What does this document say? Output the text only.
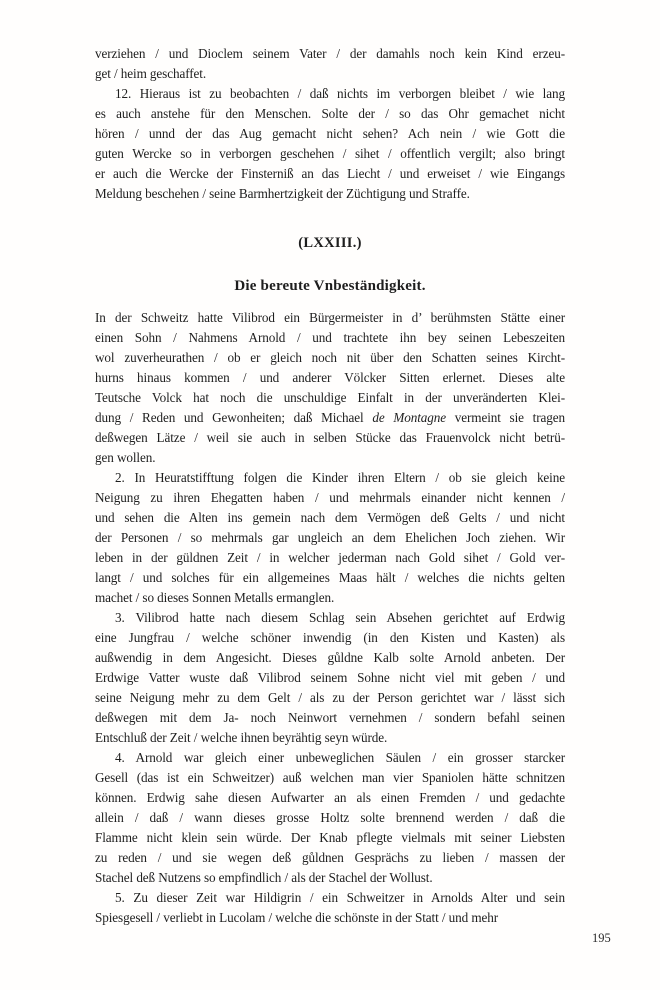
verziehen / und Dioclem seinem Vater / der damahls noch kein Kind erzeu-
get / heim geschaffet.
12. Hieraus ist zu beobachten / daß nichts im verborgen bleibet / wie lang
es auch anstehe für den Menschen. Solte der / so das Ohr gemachet nicht
hören / unnd der das Aug gemacht nicht sehen? Ach nein / wie Gott die
guten Wercke so in verborgen geschehen / sihet / offentlich vergilt; also bringt
er auch die Wercke der Finsterniß an das Liecht / und erweiset / wie Eingangs
Meldung beschehen / seine Barmhertzigkeit der Züchtigung und Straffe.
(LXXIII.)
Die bereute Vnbeständigkeit.
In der Schweitz hatte Vilibrod ein Bürgermeister in d’ berühmsten Stätte einer
einen Sohn / Nahmens Arnold / und trachtete ihn bey seinen Lebeszeiten
wol zuverheurathen / ob er gleich noch nit über den Schatten seines Kircht-
hurns hinaus kommen / und anderer Völcker Sitten erlernet. Dieses alte
Teutsche Volck hat noch die unschuldige Einfalt in der unveränderten Klei-
dung / Reden und Gewonheiten; daß Michael de Montagne vermeint sie tragen
deßwegen Lätze / weil sie auch in selben Stücke das Frauenvolck nicht betrü-
gen wollen.
2. In Heuratstifftung folgen die Kinder ihren Eltern / ob sie gleich keine
Neigung zu ihren Ehegatten haben / und mehrmals einander nicht kennen /
und sehen die Alten ins gemein nach dem Vermögen deß Gelts / und nicht
der Personen / so mehrmals gar ungleich an dem Ehelichen Joch ziehen. Wir
leben in der güldnen Zeit / in welcher jederman nach Gold sihet / Gold ver-
langt / und solches für ein allgemeines Maas hält / welches die nichts gelten
machet / so dieses Sonnen Metalls ermanglen.
3. Vilibrod hatte nach diesem Schlag sein Absehen gerichtet auf Erdwig
eine Jungfrau / welche schöner inwendig (in den Kisten und Kasten) als
außwendig in dem Angesicht. Dieses gůldne Kalb solte Arnold anbeten. Der
Erdwige Vatter wuste daß Vilibrod seinem Sohne nicht viel mit geben / und
seine Neigung mehr zu dem Gelt / als zu der Person gerichtet war / lässt sich
deßwegen mit dem Ja- noch Neinwort vernehmen / sondern befahl seinen
Entschluß der Zeit / welche ihnen beyrähtig seyn würde.
4. Arnold war gleich einer unbeweglichen Säulen / ein grosser starcker
Gesell (das ist ein Schweitzer) auß welchen man vier Spaniolen hätte schnitzen
können. Erdwig sahe diesen Aufwarter an als einen Fremden / und gedachte
allein / daß / wann dieses grosse Holtz solte brennend werden / daß die
Flamme nicht klein sein würde. Der Knab pflegte vielmals mit seiner Liebsten
zu reden / und sie wegen deß gůldnen Gesprächs zu lieben / massen der
Stachel deß Nutzens so empfindlich / als der Stachel der Wollust.
5. Zu dieser Zeit war Hildigrin / ein Schweitzer in Arnolds Alter und sein
Spiesgesell / verliebt in Lucolam / welche die schönste in der Statt / und mehr
195
